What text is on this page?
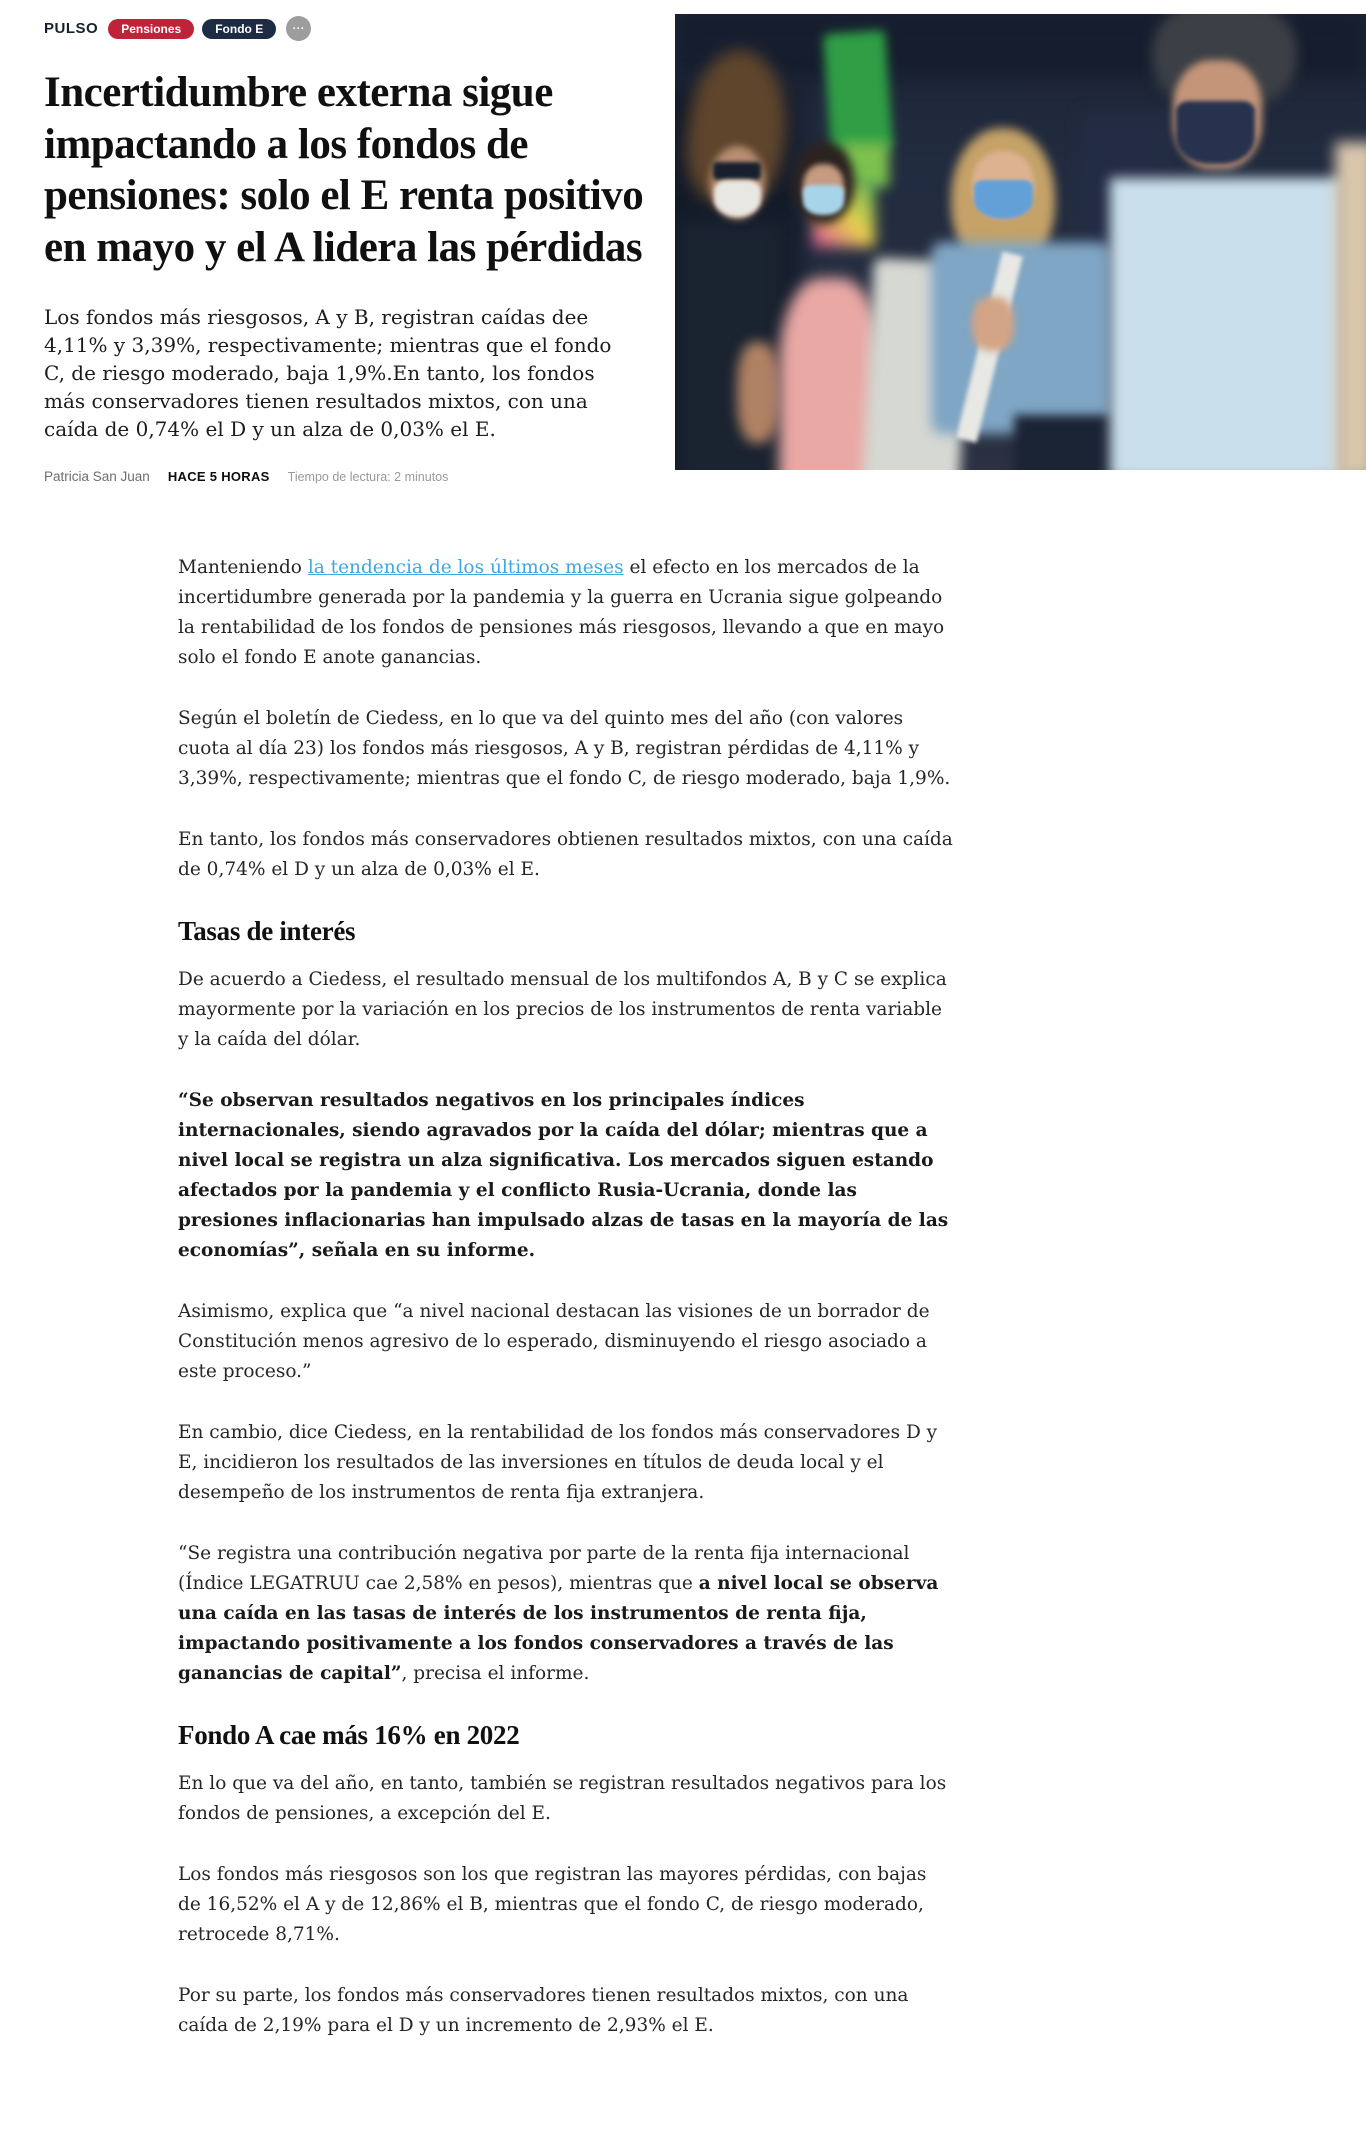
PULSO	Pensiones	Fondo E	...
Incertidumbre externa sigue impactando a los fondos de pensiones: solo el E renta positivo en mayo y el A lidera las pérdidas
Los fondos más riesgosos, A y B, registran caídas dee 4,11% y 3,39%, respectivamente; mientras que el fondo C, de riesgo moderado, baja 1,9%.En tanto, los fondos más conservadores tienen resultados mixtos, con una caída de 0,74% el D y un alza de 0,03% el E.
Patricia San Juan HACE 5 HORAS Tiempo de lectura: 2 minutos

Manteniendo la tendencia de los últimos meses el efecto en los mercados de la incertidumbre generada por la pandemia y la guerra en Ucrania sigue golpeando la rentabilidad de los fondos de pensiones más riesgosos, llevando a que en mayo solo el fondo E anote ganancias.

Según el boletín de Ciedess, en lo que va del quinto mes del año (con valores cuota al día 23) los fondos más riesgosos, A y B, registran pérdidas de 4,11% y 3,39%, respectivamente; mientras que el fondo C, de riesgo moderado, baja 1,9%.

En tanto, los fondos más conservadores obtienen resultados mixtos, con una caída de 0,74% el D y un alza de 0,03% el E.

Tasas de interés

De acuerdo a Ciedess, el resultado mensual de los multifondos A, B y C se explica mayormente por la variación en los precios de los instrumentos de renta variable y la caída del dólar.

“Se observan resultados negativos en los principales índices internacionales, siendo agravados por la caída del dólar; mientras que a nivel local se registra un alza significativa. Los mercados siguen estando afectados por la pandemia y el conflicto Rusia-Ucrania, donde las presiones inflacionarias han impulsado alzas de tasas en la mayoría de las economías”, señala en su informe.

Asimismo, explica que “a nivel nacional destacan las visiones de un borrador de Constitución menos agresivo de lo esperado, disminuyendo el riesgo asociado a este proceso.”

En cambio, dice Ciedess, en la rentabilidad de los fondos más conservadores D y E, incidieron los resultados de las inversiones en títulos de deuda local y el desempeño de los instrumentos de renta fija extranjera.

“Se registra una contribución negativa por parte de la renta fija internacional (Índice LEGATRUU cae 2,58% en pesos), mientras que a nivel local se observa una caída en las tasas de interés de los instrumentos de renta fija, impactando positivamente a los fondos conservadores a través de las ganancias de capital”, precisa el informe.

Fondo A cae más 16% en 2022

En lo que va del año, en tanto, también se registran resultados negativos para los fondos de pensiones, a excepción del E.

Los fondos más riesgosos son los que registran las mayores pérdidas, con bajas de 16,52% el A y de 12,86% el B, mientras que el fondo C, de riesgo moderado, retrocede 8,71%.

Por su parte, los fondos más conservadores tienen resultados mixtos, con una caída de 2,19% para el D y un incremento de 2,93% el E.
